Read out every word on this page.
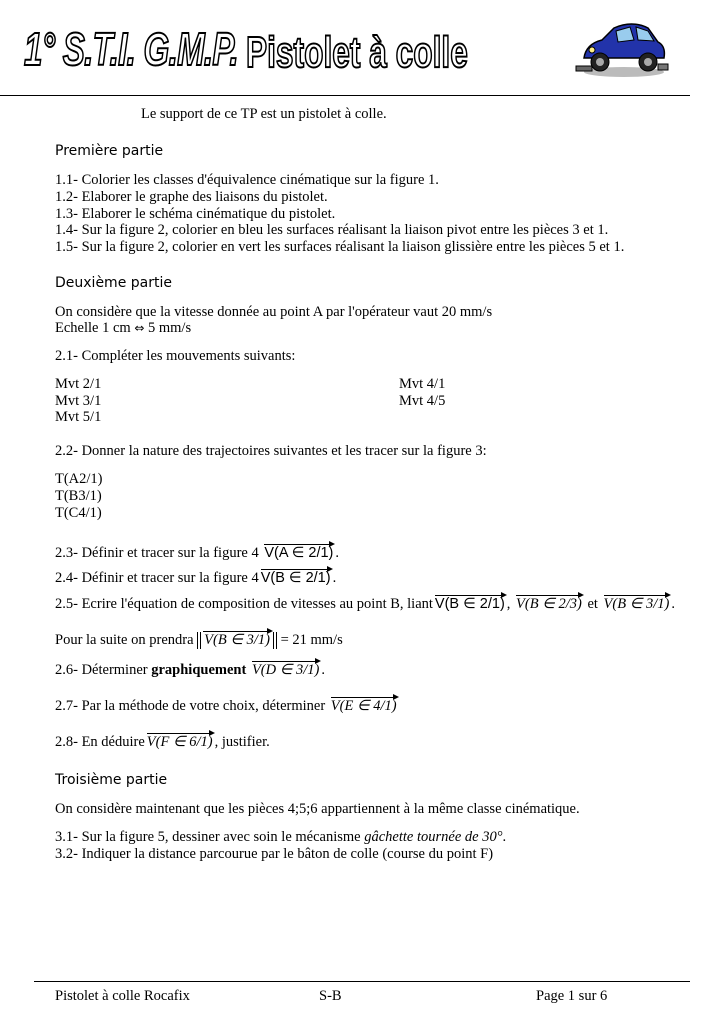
1° S.T.I. G.M.P. Pistolet à colle
Le support de ce TP est un pistolet à colle.
Première partie
1.1- Colorier les classes d'équivalence cinématique sur la figure 1.
1.2- Elaborer le graphe des liaisons du pistolet.
1.3- Elaborer le schéma cinématique du pistolet.
1.4- Sur la figure 2, colorier en bleu les surfaces réalisant la liaison pivot entre les pièces 3 et 1.
1.5- Sur la figure 2, colorier en vert les surfaces réalisant la liaison glissière entre les pièces 5 et 1.
Deuxième partie
On considère que la vitesse donnée au point A par l'opérateur vaut 20 mm/s
Echelle 1 cm ⇔ 5 mm/s
2.1- Compléter les mouvements suivants:
Mvt 2/1
Mvt 3/1
Mvt 5/1
Mvt 4/1
Mvt 4/5
2.2- Donner la nature des trajectoires suivantes et les tracer sur la figure 3:
T(A2/1)
T(B3/1)
T(C4/1)
2.3- Définir et tracer sur la figure 4 V(A ∈ 2/1) .
2.4- Définir et tracer sur la figure 4 V(B ∈ 2/1) .
2.5- Ecrire l'équation de composition de vitesses au point B, liant V(B ∈ 2/1) , V(B ∈ 2/3) et V(B ∈ 3/1) .
Pour la suite on prendra V(B ∈ 3/1) = 21 mm/s
2.6- Déterminer graphiquement V(D ∈ 3/1) .
2.7- Par la méthode de votre choix, déterminer V(E ∈ 4/1)
2.8- En déduire V(F ∈ 6/1) , justifier.
Troisième partie
On considère maintenant que les pièces 4;5;6 appartiennent à la même classe cinématique.
3.1- Sur la figure 5, dessiner avec soin le mécanisme gâchette tournée de 30°.
3.2- Indiquer la distance parcourue par le bâton de colle (course du point F)
Pistolet à colle Rocafix	S-B	Page 1 sur 6
